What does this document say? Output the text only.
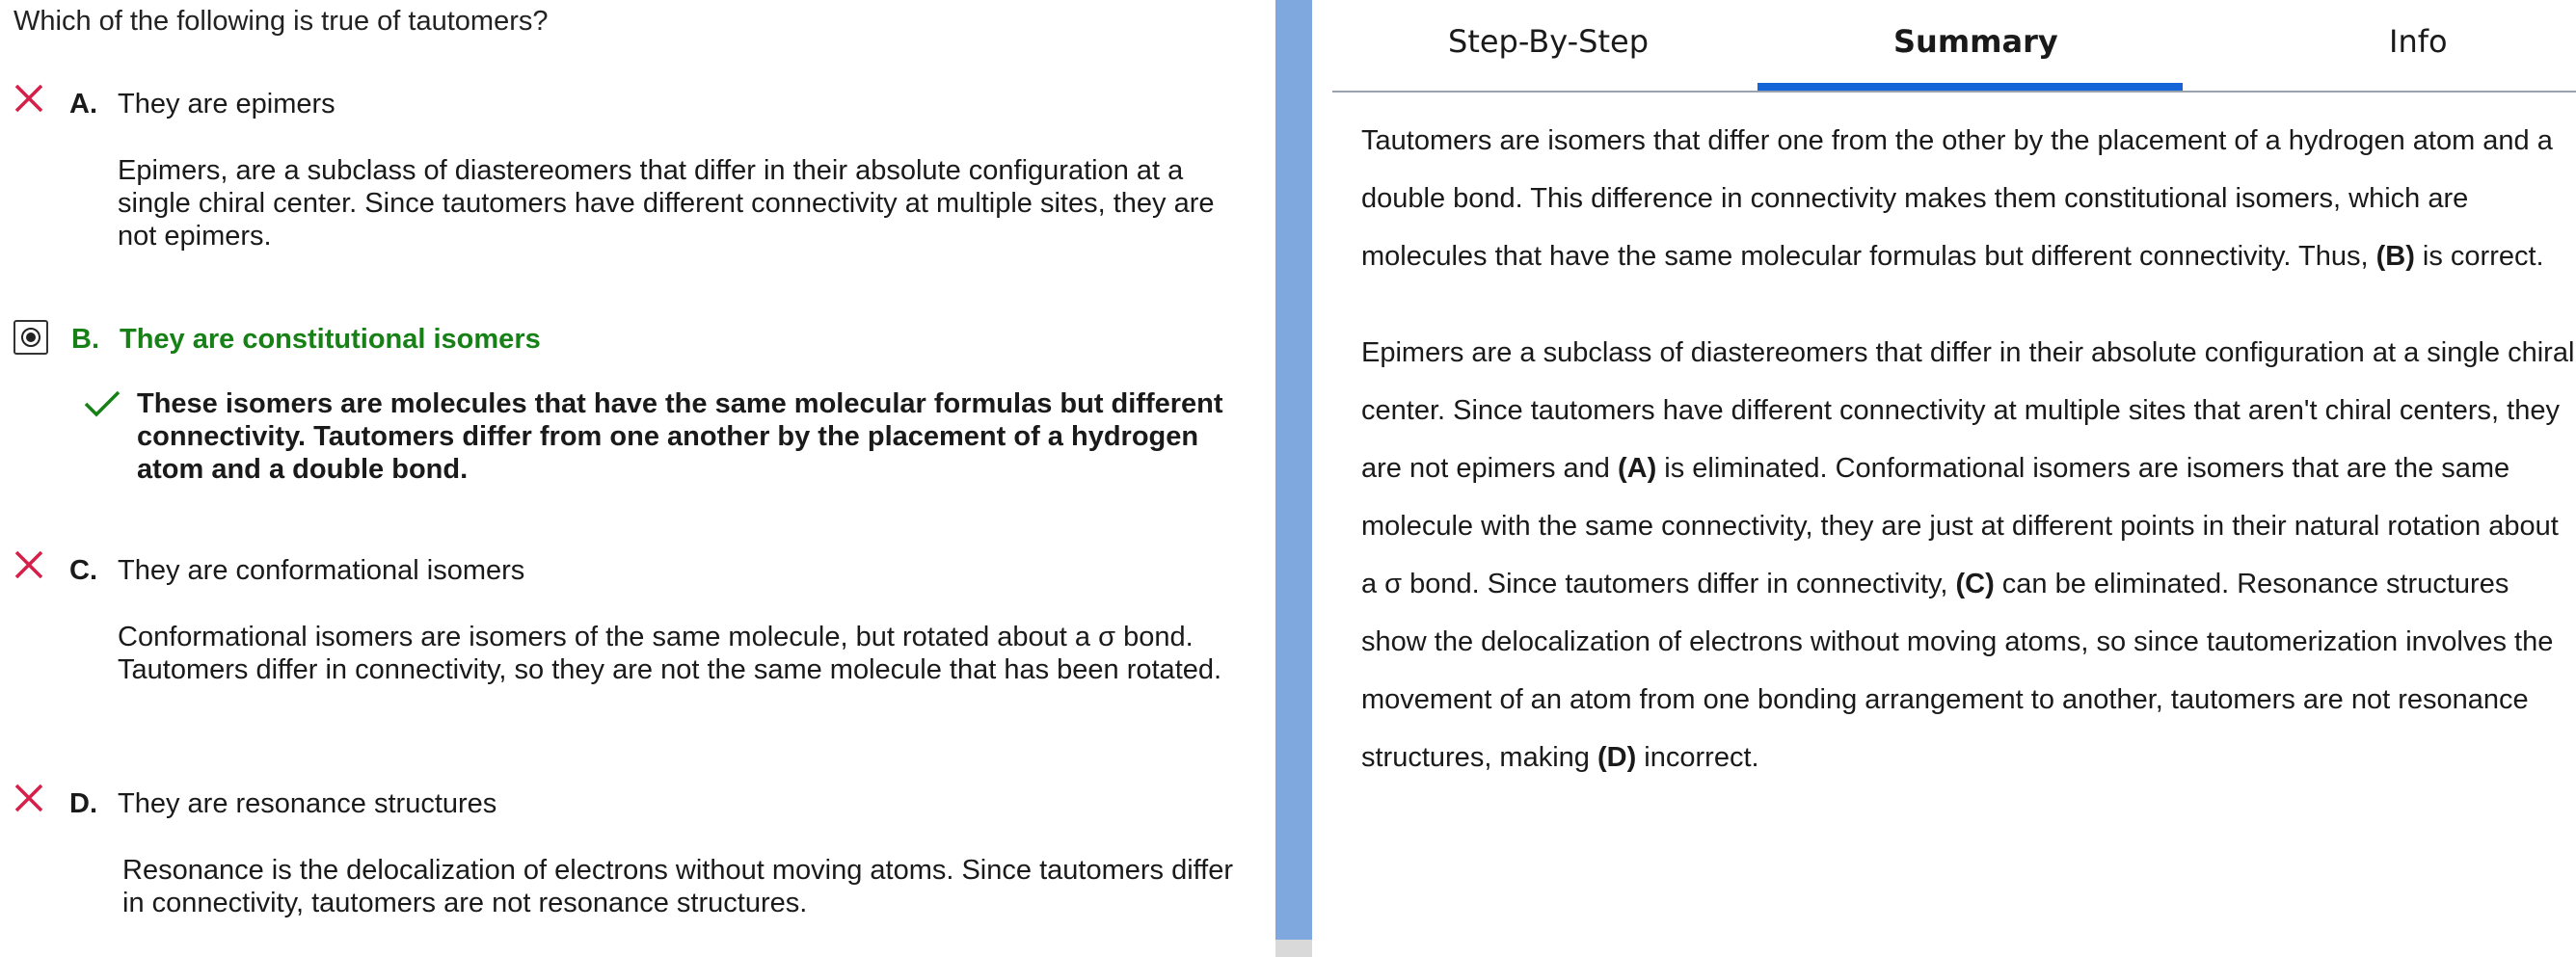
Which of the following is true of tautomers?
A. They are epimers
Epimers, are a subclass of diastereomers that differ in their absolute configuration at a single chiral center. Since tautomers have different connectivity at multiple sites, they are not epimers.
B. They are constitutional isomers
These isomers are molecules that have the same molecular formulas but different connectivity. Tautomers differ from one another by the placement of a hydrogen atom and a double bond.
C. They are conformational isomers
Conformational isomers are isomers of the same molecule, but rotated about a σ bond. Tautomers differ in connectivity, so they are not the same molecule that has been rotated.
D. They are resonance structures
Resonance is the delocalization of electrons without moving atoms. Since tautomers differ in connectivity, tautomers are not resonance structures.
Step-By-Step	Summary	Info

Tautomers are isomers that differ one from the other by the placement of a hydrogen atom and a double bond. This difference in connectivity makes them constitutional isomers, which are molecules that have the same molecular formulas but different connectivity. Thus, (B) is correct.

Epimers are a subclass of diastereomers that differ in their absolute configuration at a single chiral center. Since tautomers have different connectivity at multiple sites that aren't chiral centers, they are not epimers and (A) is eliminated. Conformational isomers are isomers that are the same molecule with the same connectivity, they are just at different points in their natural rotation about a σ bond. Since tautomers differ in connectivity, (C) can be eliminated. Resonance structures show the delocalization of electrons without moving atoms, so since tautomerization involves the movement of an atom from one bonding arrangement to another, tautomers are not resonance structures, making (D) incorrect.
